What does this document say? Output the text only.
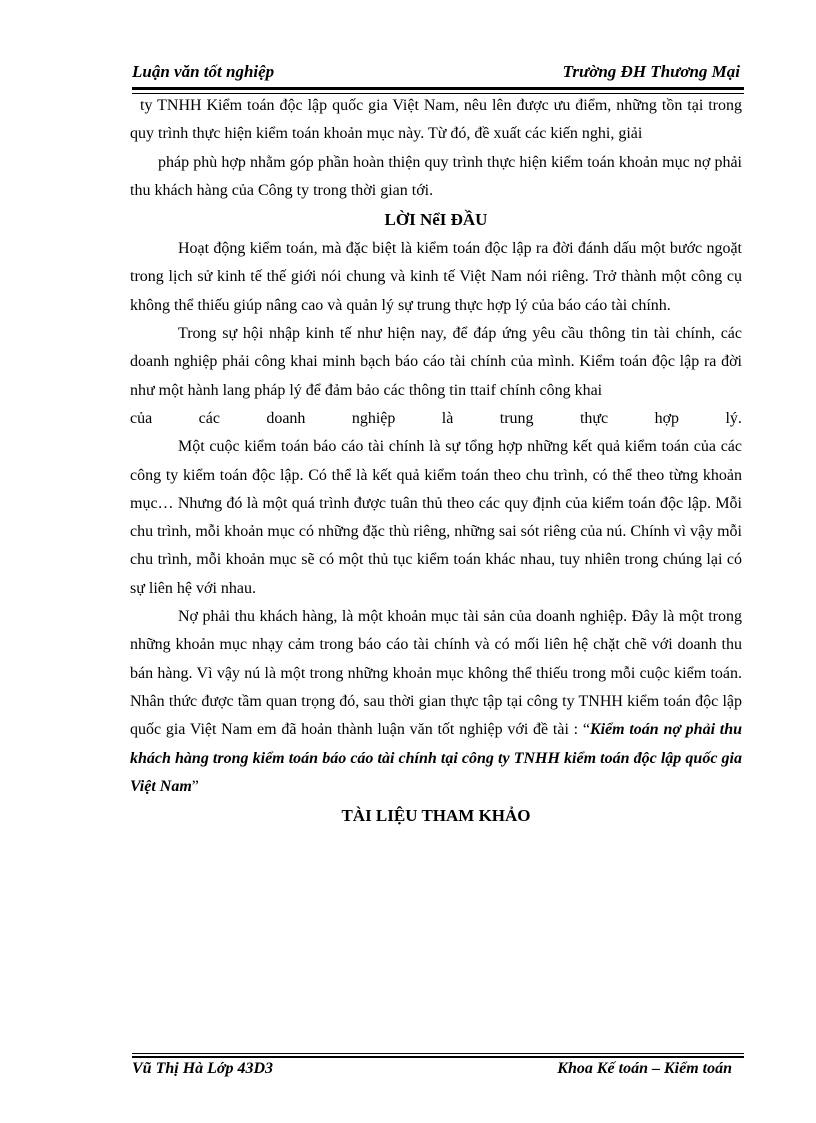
Luận văn tốt nghiệp	Trường ĐH Thương Mại

ty TNHH Kiểm toán độc lập quốc gia Việt Nam, nêu lên được ưu điểm, những tồn tại trong quy trình thực hiện kiểm toán khoản mục này. Từ đó, đề xuất các kiến nghi, giải

pháp phù hợp nhằm góp phần hoàn thiện quy trình thực hiện kiểm toán khoản mục nợ phải thu khách hàng của Công ty trong thời gian tới.

LỜI NểI ĐẦU

Hoạt động kiểm toán, mà đặc biệt là kiểm toán độc lập ra đời đánh dấu một bước ngoặt trong lịch sử kinh tế thế giới nói chung và kinh tế Việt Nam nói riêng. Trở thành một công cụ không thể thiếu giúp nâng cao và quản lý sự trung thực hợp lý của báo cáo tài chính.

Trong sự hội nhập kinh tế như hiện nay, để đáp ứng yêu cầu thông tin tài chính, các doanh nghiệp phải công khai minh bạch báo cáo tài chính của mình. Kiểm toán độc lập ra đời như một hành lang pháp lý để đảm bảo các thông tin ttaif chính công khai

của	các	doanh	nghiệp	là	trung	thực	hợp	lý.

Một cuộc kiểm toán báo cáo tài chính là sự tổng hợp những kết quả kiểm toán của các công ty kiểm toán độc lập. Có thể là kết quả kiểm toán theo chu trình, có thể theo từng khoản mục… Nhưng đó là một quá trình được tuân thủ theo các quy định của kiểm toán độc lập. Mỗi chu trình, mỗi khoản mục có những đặc thù riêng, những sai sót riêng của nú. Chính vì vậy mỗi chu trình, mỗi khoản mục sẽ có một thủ tục kiểm toán khác nhau, tuy nhiên trong chúng lại có sự liên hệ với nhau.

Nợ phải thu khách hàng, là một khoản mục tài sản của doanh nghiệp. Đây là một trong những khoản mục nhạy cảm trong báo cáo tài chính và có mối liên hệ chặt chẽ với doanh thu bán hàng. Vì vậy nú là một trong những khoản mục không thể thiếu trong mỗi cuộc kiểm toán. Nhân thức được tầm quan trọng đó, sau thời gian thực tập tại công ty TNHH kiểm toán độc lập quốc gia Việt Nam em đã hoản thành luận văn tốt nghiệp với đề tài : “Kiểm toán nợ phải thu khách hàng trong kiểm toán báo cáo tài chính tại công ty TNHH kiểm toán độc lập quốc gia Việt Nam”

TÀI LIỆU THAM KHẢO
Vũ Thị Hà Lớp 43D3	Khoa Kế toán – Kiểm toán
